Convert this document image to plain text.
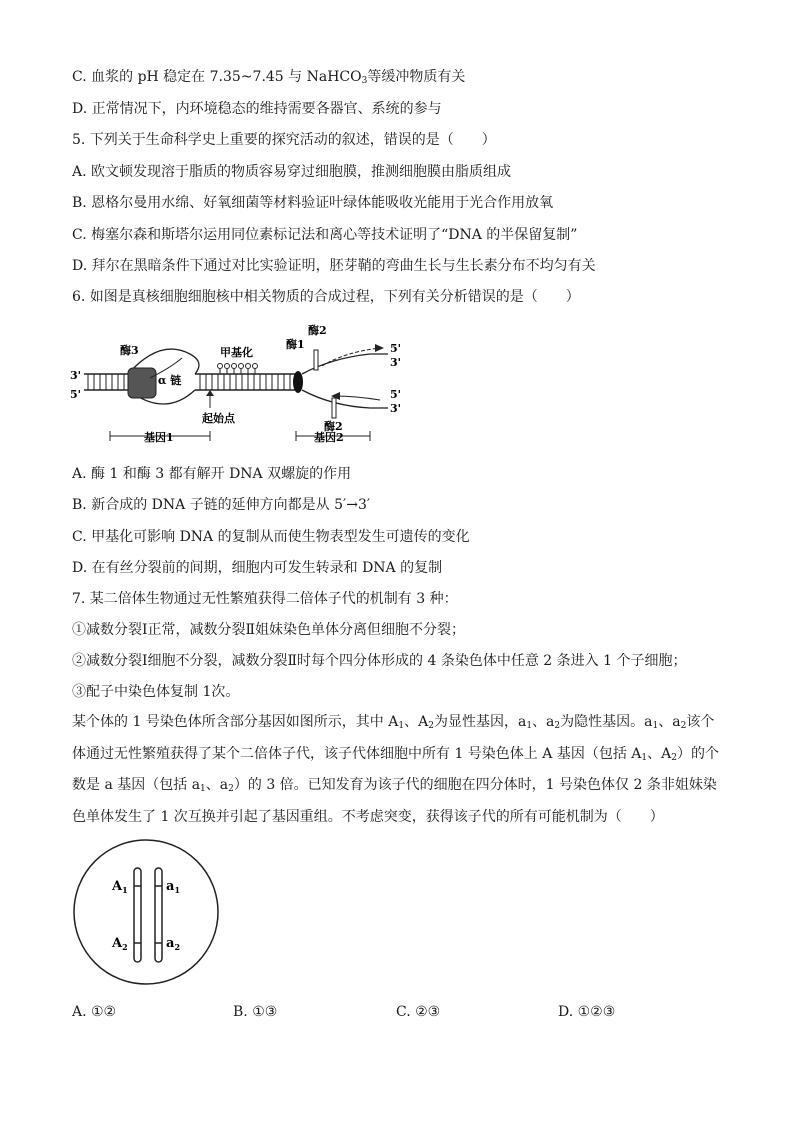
C. 血浆的 pH 稳定在 7.35~7.45 与 NaHCO$_3$等缓冲物质有关
D. 正常情况下，内环境稳态的维持需要各器官、系统的参与
5. 下列关于生命科学史上重要的探究活动的叙述，错误的是（　　）
A. 欧文顿发现溶于脂质的物质容易穿过细胞膜，推测细胞膜由脂质组成
B. 恩格尔曼用水绵、好氧细菌等材料验证叶绿体能吸收光能用于光合作用放氧
C. 梅塞尔森和斯塔尔运用同位素标记法和离心等技术证明了“DNA 的半保留复制”
D. 拜尔在黑暗条件下通过对比实验证明，胚芽鞘的弯曲生长与生长素分布不均匀有关
6. 如图是真核细胞细胞核中相关物质的合成过程，下列有关分析错误的是（　　）
3'
5'
酶3
α 链
甲基化
酶1
酶2
酶2
起始点
基因1	基因2
5'
3'
5'
3'
A. 酶 1 和酶 3 都有解开 DNA 双螺旋的作用
B. 新合成的 DNA 子链的延伸方向都是从 5′→3′
C. 甲基化可影响 DNA 的复制从而使生物表型发生可遗传的变化
D. 在有丝分裂前的间期，细胞内可发生转录和 DNA 的复制
7. 某二倍体生物通过无性繁殖获得二倍体子代的机制有 3 种：
①减数分裂Ⅰ正常，减数分裂Ⅱ姐妹染色单体分离但细胞不分裂；
②减数分裂Ⅰ细胞不分裂，减数分裂Ⅱ时每个四分体形成的 4 条染色体中任意 2 条进入 1 个子细胞；
③配子中染色体复制 1次。
某个体的 1 号染色体所含部分基因如图所示，其中 $A_1$、$A_2$为显性基因，$a_1$、$a_2$为隐性基因。$a_1$、$a_2$该个体通过无性繁殖获得了某个二倍体子代，该子代体细胞中所有 1 号染色体上 A 基因（包括 $A_1$、$A_2$）的个数是 a 基因（包括 $a_1$、$a_2$）的 3 倍。已知发育为该子代的细胞在四分体时，1 号染色体仅 2 条非姐妹染色单体发生了 1 次互换并引起了基因重组。不考虑突变，获得该子代的所有可能机制为（　　）
$A_1$
$A_2$
$a_1$
$a_2$
A. ①②	B. ①③	C. ②③	D. ①②③
